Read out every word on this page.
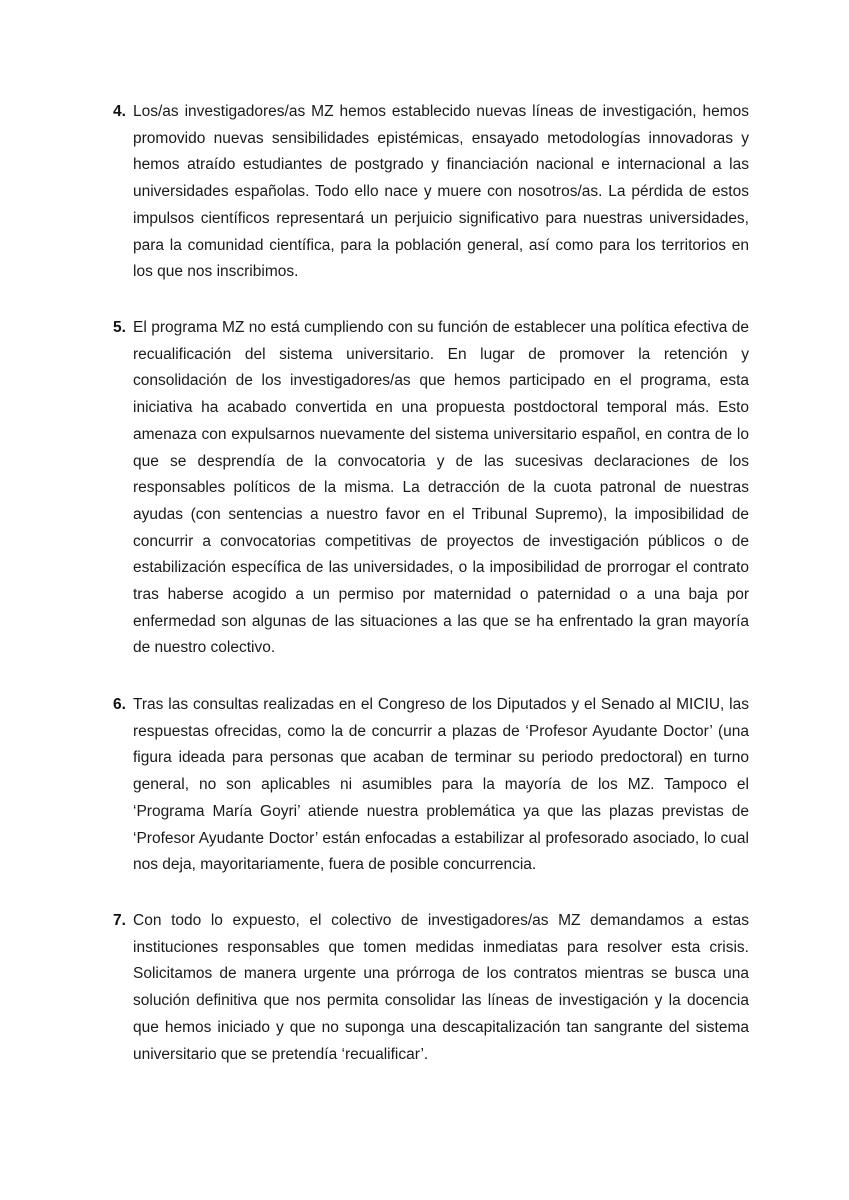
4. Los/as investigadores/as MZ hemos establecido nuevas líneas de investigación, hemos promovido nuevas sensibilidades epistémicas, ensayado metodologías innovadoras y hemos atraído estudiantes de postgrado y financiación nacional e internacional a las universidades españolas. Todo ello nace y muere con nosotros/as. La pérdida de estos impulsos científicos representará un perjuicio significativo para nuestras universidades, para la comunidad científica, para la población general, así como para los territorios en los que nos inscribimos.
5. El programa MZ no está cumpliendo con su función de establecer una política efectiva de recualificación del sistema universitario. En lugar de promover la retención y consolidación de los investigadores/as que hemos participado en el programa, esta iniciativa ha acabado convertida en una propuesta postdoctoral temporal más. Esto amenaza con expulsarnos nuevamente del sistema universitario español, en contra de lo que se desprendía de la convocatoria y de las sucesivas declaraciones de los responsables políticos de la misma. La detracción de la cuota patronal de nuestras ayudas (con sentencias a nuestro favor en el Tribunal Supremo), la imposibilidad de concurrir a convocatorias competitivas de proyectos de investigación públicos o de estabilización específica de las universidades, o la imposibilidad de prorrogar el contrato tras haberse acogido a un permiso por maternidad o paternidad o a una baja por enfermedad son algunas de las situaciones a las que se ha enfrentado la gran mayoría de nuestro colectivo.
6. Tras las consultas realizadas en el Congreso de los Diputados y el Senado al MICIU, las respuestas ofrecidas, como la de concurrir a plazas de ‘Profesor Ayudante Doctor’ (una figura ideada para personas que acaban de terminar su periodo predoctoral) en turno general, no son aplicables ni asumibles para la mayoría de los MZ. Tampoco el ‘Programa María Goyri’ atiende nuestra problemática ya que las plazas previstas de ‘Profesor Ayudante Doctor’ están enfocadas a estabilizar al profesorado asociado, lo cual nos deja, mayoritariamente, fuera de posible concurrencia.
7. Con todo lo expuesto, el colectivo de investigadores/as MZ demandamos a estas instituciones responsables que tomen medidas inmediatas para resolver esta crisis. Solicitamos de manera urgente una prórroga de los contratos mientras se busca una solución definitiva que nos permita consolidar las líneas de investigación y la docencia que hemos iniciado y que no suponga una descapitalización tan sangrante del sistema universitario que se pretendía ‘recualificar’.
